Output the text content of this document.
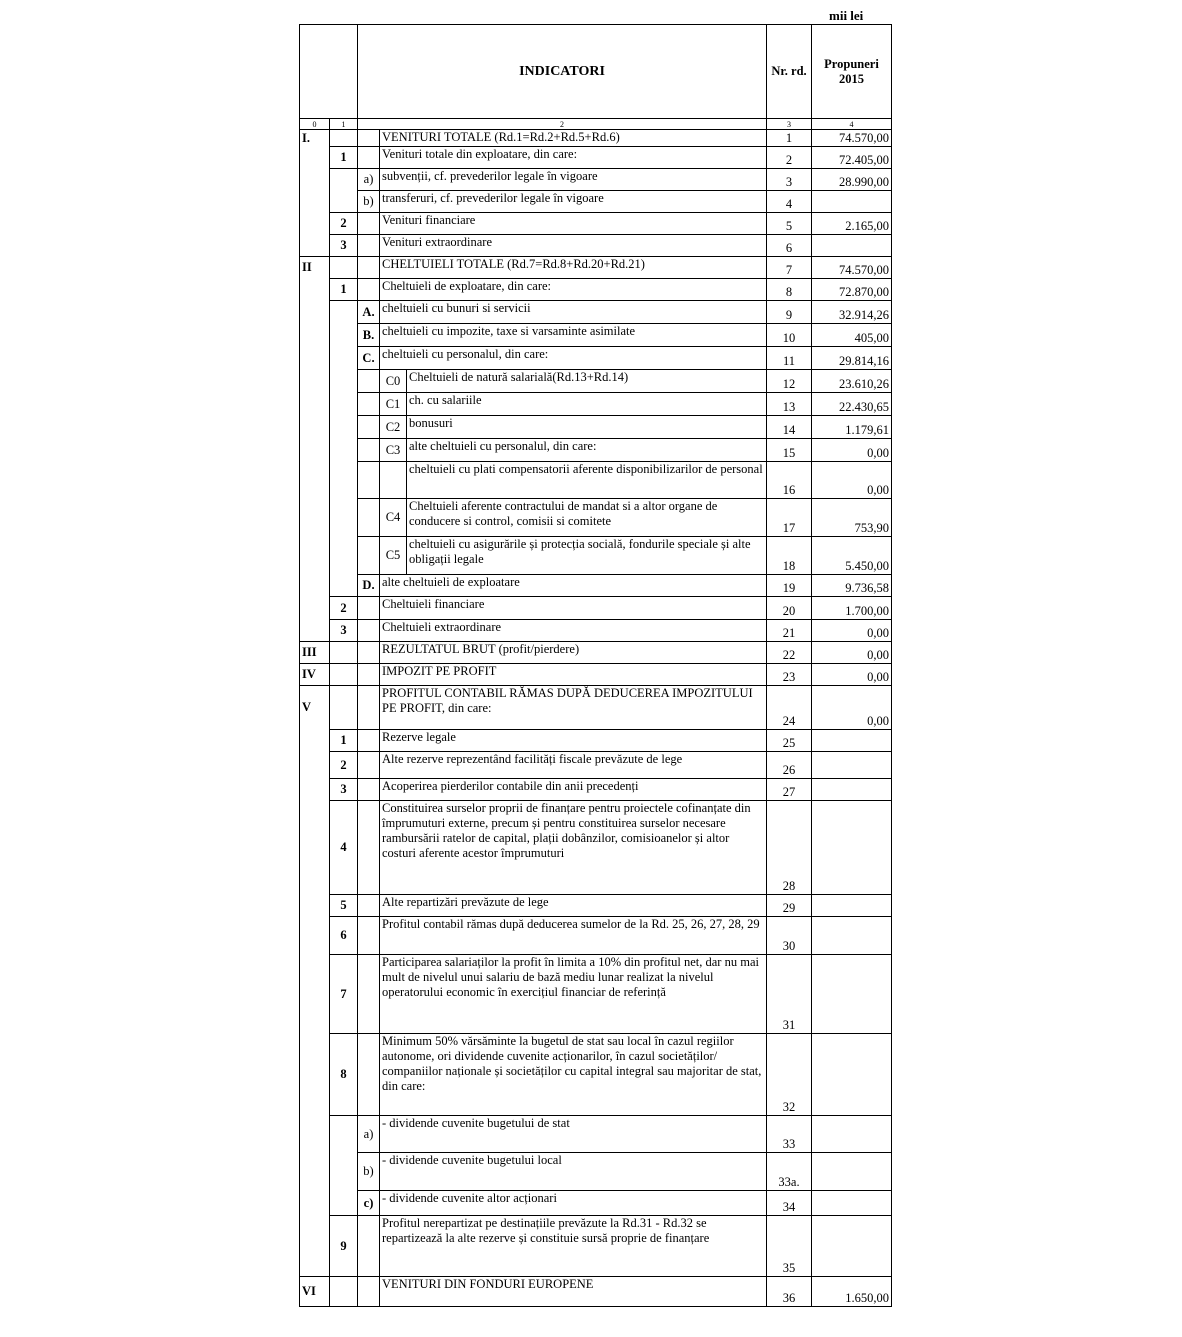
mii lei
		INDICATORI			Nr. rd.	Propuneri 2015
0	1	2			3	4
I.			VENITURI TOTALE (Rd.1=Rd.2+Rd.5+Rd.6)		1	74.570,00
	1		Venituri totale din exploatare, din care:		2	72.405,00
		a)	subvenții, cf. prevederilor legale în vigoare		3	28.990,00
		b)	transferuri, cf. prevederilor legale în vigoare		4	
	2		Venituri financiare		5	2.165,00
	3		Venituri extraordinare		6	
II			CHELTUIELI TOTALE (Rd.7=Rd.8+Rd.20+Rd.21)		7	74.570,00
	1		Cheltuieli de exploatare, din care:		8	72.870,00
		A.	cheltuieli cu bunuri si servicii		9	32.914,26
		B.	cheltuieli cu impozite, taxe si varsaminte asimilate		10	405,00
		C.	cheltuieli cu personalul, din care:		11	29.814,16
			C0	Cheltuieli de natură salarială(Rd.13+Rd.14)	12	23.610,26
			C1	ch. cu salariile	13	22.430,65
			C2	bonusuri	14	1.179,61
			C3	alte cheltuieli cu personalul, din care:	15	0,00
				cheltuieli cu plati compensatorii aferente disponibilizarilor de personal	16	0,00
			C4	Cheltuieli aferente contractului de mandat si a altor organe de conducere si control, comisii si comitete	17	753,90
			C5	cheltuieli cu asigurările și protecția socială, fondurile speciale și alte obligații legale	18	5.450,00
		D.	alte cheltuieli de exploatare		19	9.736,58
	2		Cheltuieli financiare		20	1.700,00
	3		Cheltuieli extraordinare		21	0,00
III			REZULTATUL BRUT (profit/pierdere)		22	0,00
IV			IMPOZIT PE PROFIT		23	0,00
V			PROFITUL CONTABIL RĂMAS DUPĂ DEDUCEREA IMPOZITULUI PE PROFIT, din care:		24	0,00
	1		Rezerve legale		25	
	2		Alte rezerve reprezentând facilități fiscale prevăzute de lege		26	
	3		Acoperirea pierderilor contabile din anii precedenți		27	
	4		Constituirea surselor proprii de finanțare pentru proiectele cofinanțate din împrumuturi externe, precum și pentru constituirea surselor necesare rambursării ratelor de capital, plații dobânzilor, comisioanelor și altor costuri aferente acestor împrumuturi		28	
	5		Alte repartizări prevăzute de lege		29	
	6		Profitul contabil rămas după deducerea sumelor de la Rd. 25, 26, 27, 28, 29		30	
	7		Participarea salariaților la profit în limita a 10% din profitul net, dar nu mai mult de nivelul unui salariu de bază mediu lunar realizat la nivelul operatorului economic în exercițiul financiar de referință		31	
	8		Minimum 50% vărsăminte la bugetul de stat sau local în cazul regiilor autonome, ori dividende cuvenite acționarilor, în cazul societăților/ companiilor naționale și societăților cu capital integral sau majoritar de stat, din care:		32	
		a)	- dividende cuvenite bugetului de stat		33	
		b)	- dividende cuvenite bugetului local		33a.	
		c)	- dividende cuvenite altor acționari		34	
	9		Profitul nerepartizat pe destinațiile prevăzute la Rd.31 - Rd.32 se repartizează la alte rezerve și constituie sursă proprie de finanțare		35	
VI			VENITURI DIN FONDURI EUROPENE		36	1.650,00
